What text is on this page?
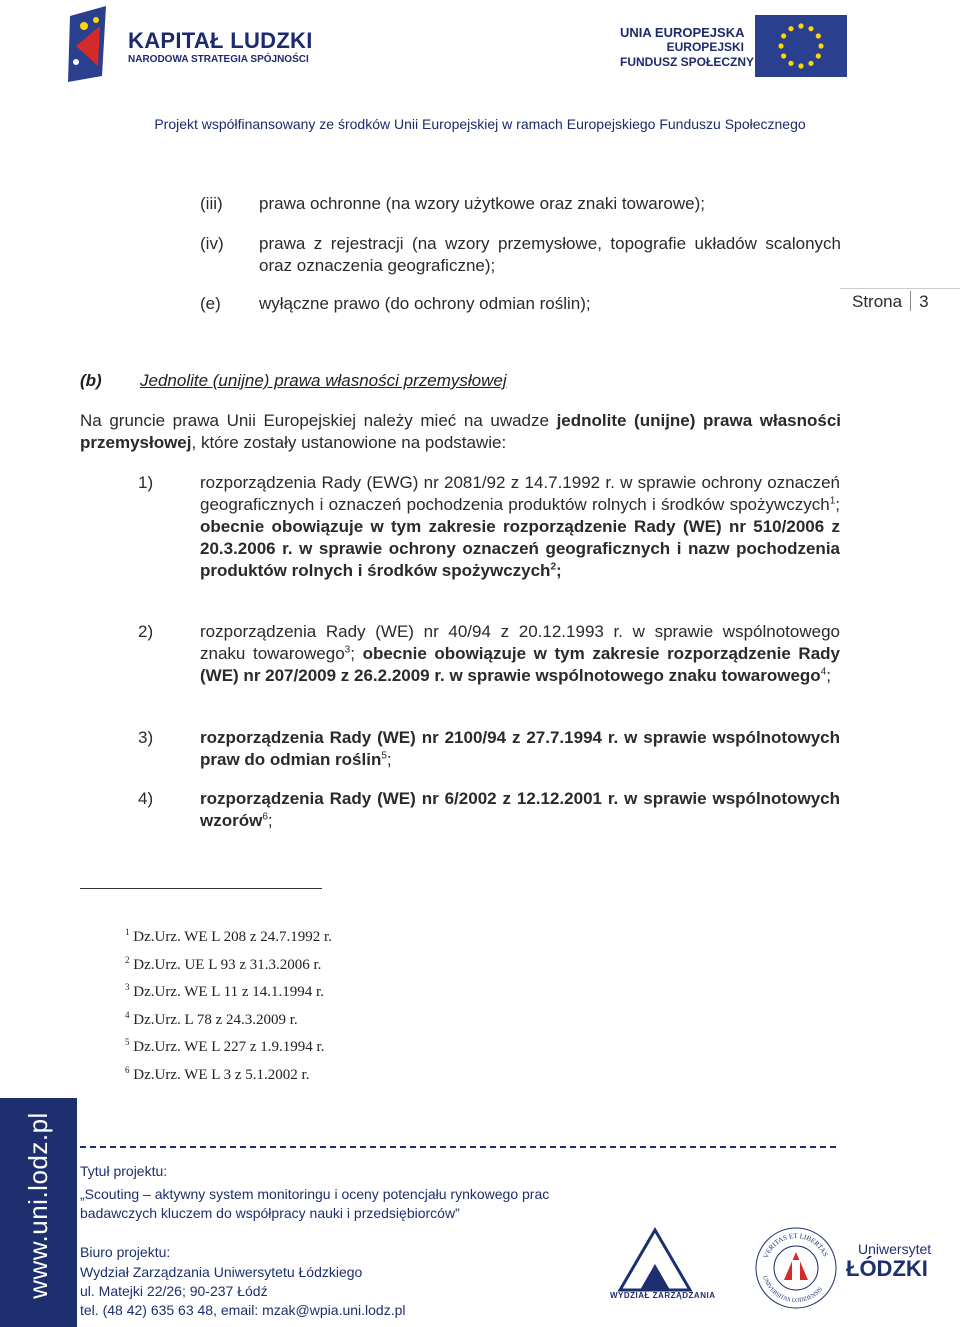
KAPITAŁ LUDZKI
NARODOWA STRATEGIA SPÓJNOŚCI
UNIA EUROPEJSKA
EUROPEJSKI
FUNDUSZ SPOŁECZNY
Projekt współfinansowany ze środków Unii Europejskiej w ramach Europejskiego Funduszu Społecznego
Strona 3
(iii) prawa ochronne (na wzory użytkowe oraz znaki towarowe);
(iv) prawa z rejestracji (na wzory przemysłowe, topografie układów scalonych oraz oznaczenia geograficzne);
(e) wyłączne prawo (do ochrony odmian roślin);
(b) Jednolite (unijne) prawa własności przemysłowej
Na gruncie prawa Unii Europejskiej należy mieć na uwadze jednolite (unijne) prawa własności przemysłowej, które zostały ustanowione na podstawie:
1)	rozporządzenia Rady (EWG) nr 2081/92 z 14.7.1992 r. w sprawie ochrony oznaczeń geograficznych i oznaczeń pochodzenia produktów rolnych i środków spożywczych$^1$; obecnie obowiązuje w tym zakresie rozporządzenie Rady (WE) nr 510/2006 z 20.3.2006 r. w sprawie ochrony oznaczeń geograficznych i nazw pochodzenia produktów rolnych i środków spożywczych$^2$;
2)	rozporządzenia Rady (WE) nr 40/94 z 20.12.1993 r. w sprawie wspólnotowego znaku towarowego$^3$; obecnie obowiązuje w tym zakresie rozporządzenie Rady (WE) nr 207/2009 z 26.2.2009 r. w sprawie wspólnotowego znaku towarowego$^4$;
3)	rozporządzenia Rady (WE) nr 2100/94 z 27.7.1994 r. w sprawie wspólnotowych praw do odmian roślin$^5$;
4)	rozporządzenia Rady (WE) nr 6/2002 z 12.12.2001 r. w sprawie wspólnotowych wzorów$^6$;
$^1$ Dz.Urz. WE L 208 z 24.7.1992 r.
$^2$ Dz.Urz. UE L 93 z 31.3.2006 r.
$^3$ Dz.Urz. WE L 11 z 14.1.1994 r.
$^4$ Dz.Urz. L 78 z 24.3.2009 r.
$^5$ Dz.Urz. WE L 227 z 1.9.1994 r.
$^6$ Dz.Urz. WE L 3 z 5.1.2002 r.
www.uni.lodz.pl Tytuł projektu:
„Scouting – aktywny system monitoringu i oceny potencjału rynkowego prac
badawczych kluczem do współpracy nauki i przedsiębiorców”
Biuro projektu:
Wydział Zarządzania Uniwersytetu Łódzkiego
ul. Matejki 22/26; 90-237 Łódź
tel. (48 42) 635 63 48, email: mzak@wpia.uni.lodz.pl
WYDZIAŁ ZARZĄDZANIA
VERITAS ET LIBERTAS
UNIVERSITAS LODZIENSIS
Uniwersytet
ŁÓDZKI
